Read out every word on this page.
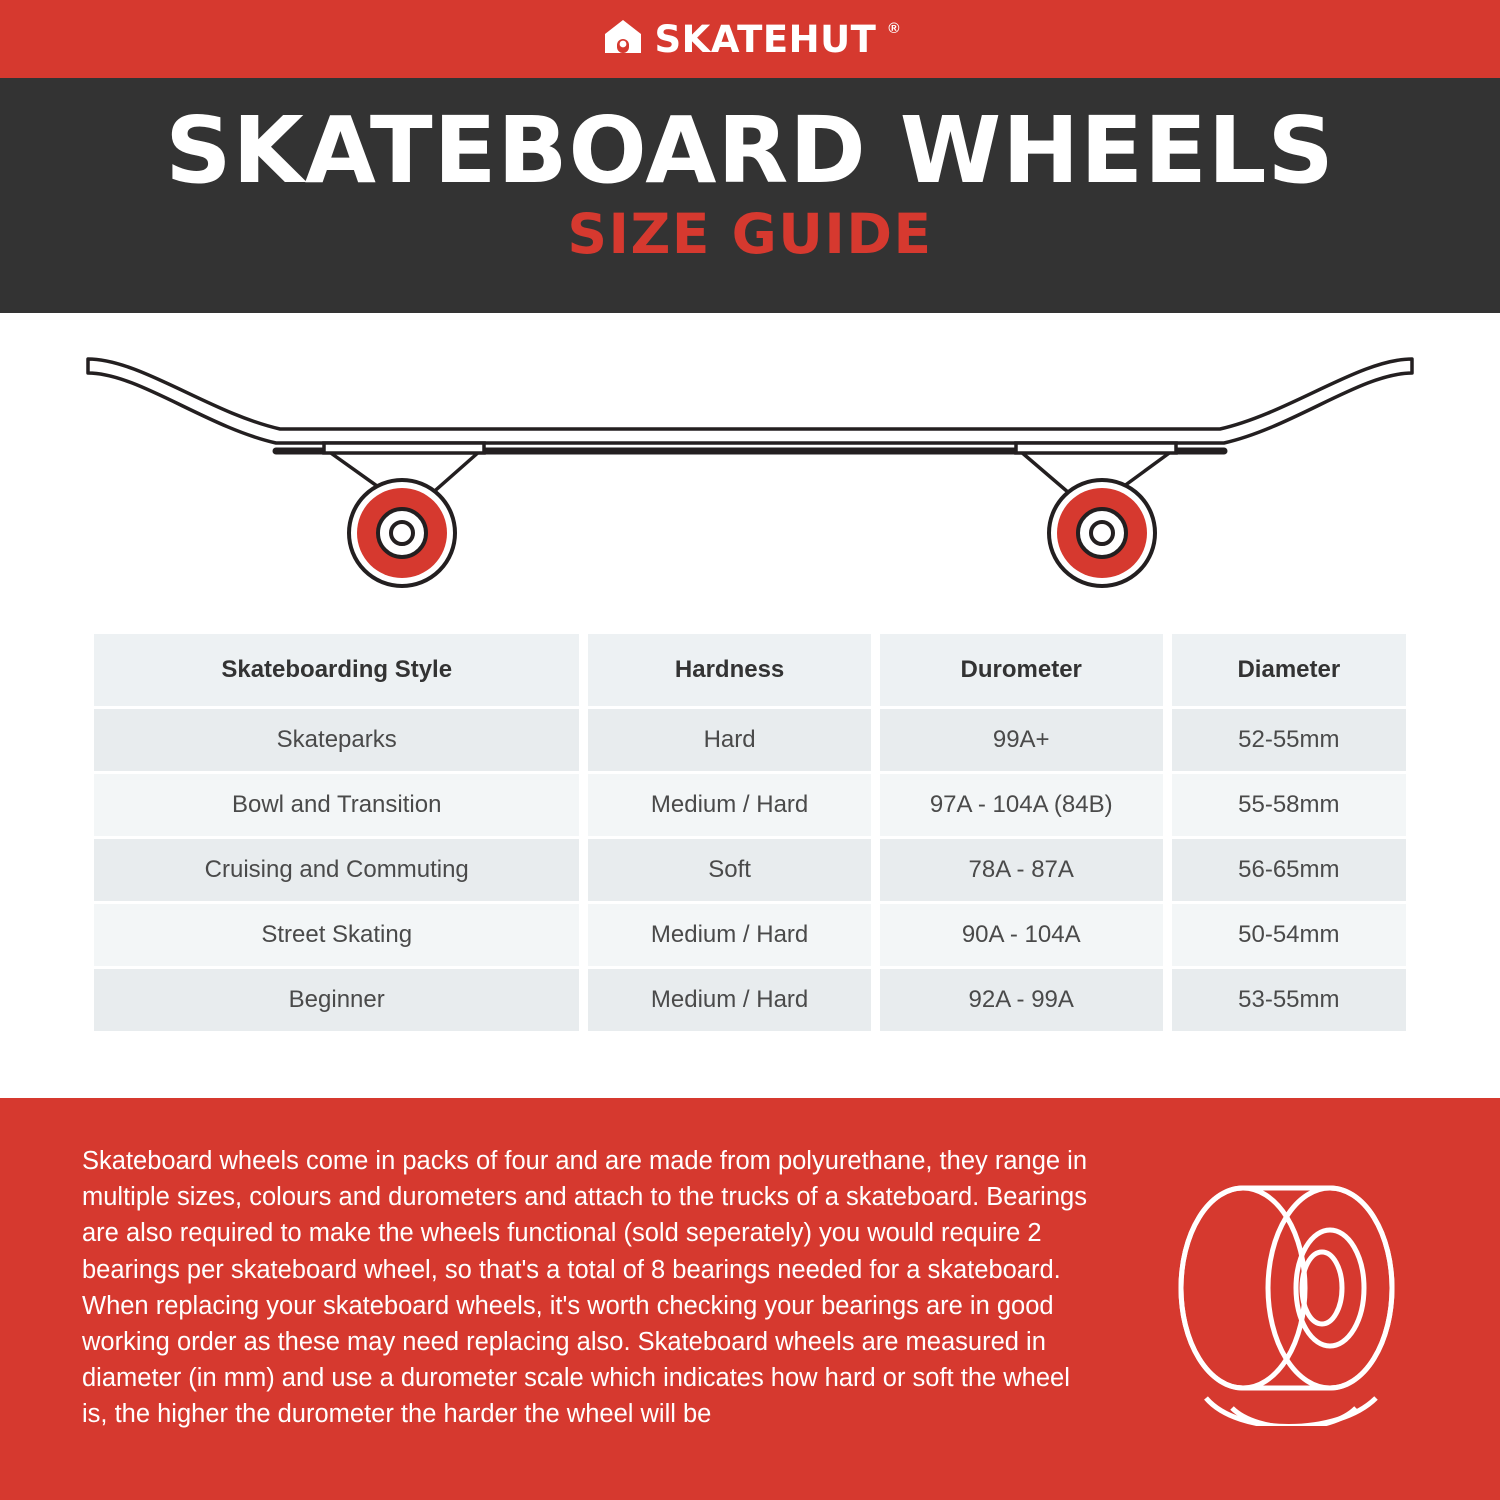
SKATEHUT ®
SKATEBOARD WHEELS
SIZE GUIDE
Skateboarding Style	Hardness	Durometer	Diameter
Skateparks	Hard	99A+	52-55mm
Bowl and Transition	Medium / Hard	97A - 104A (84B)	55-58mm
Cruising and Commuting	Soft	78A - 87A	56-65mm
Street Skating	Medium / Hard	90A - 104A	50-54mm
Beginner	Medium / Hard	92A - 99A	53-55mm
Skateboard wheels come in packs of four and are made from polyurethane, they range in multiple sizes, colours and durometers and attach to the trucks of a skateboard. Bearings are also required to make the wheels functional (sold seperately) you would require 2 bearings per skateboard wheel, so that's a total of 8 bearings needed for a skateboard. When replacing your skateboard wheels, it's worth checking your bearings are in good working order as these may need replacing also. Skateboard wheels are measured in diameter (in mm) and use a durometer scale which indicates how hard or soft the wheel is, the higher the durometer the harder the wheel will be
